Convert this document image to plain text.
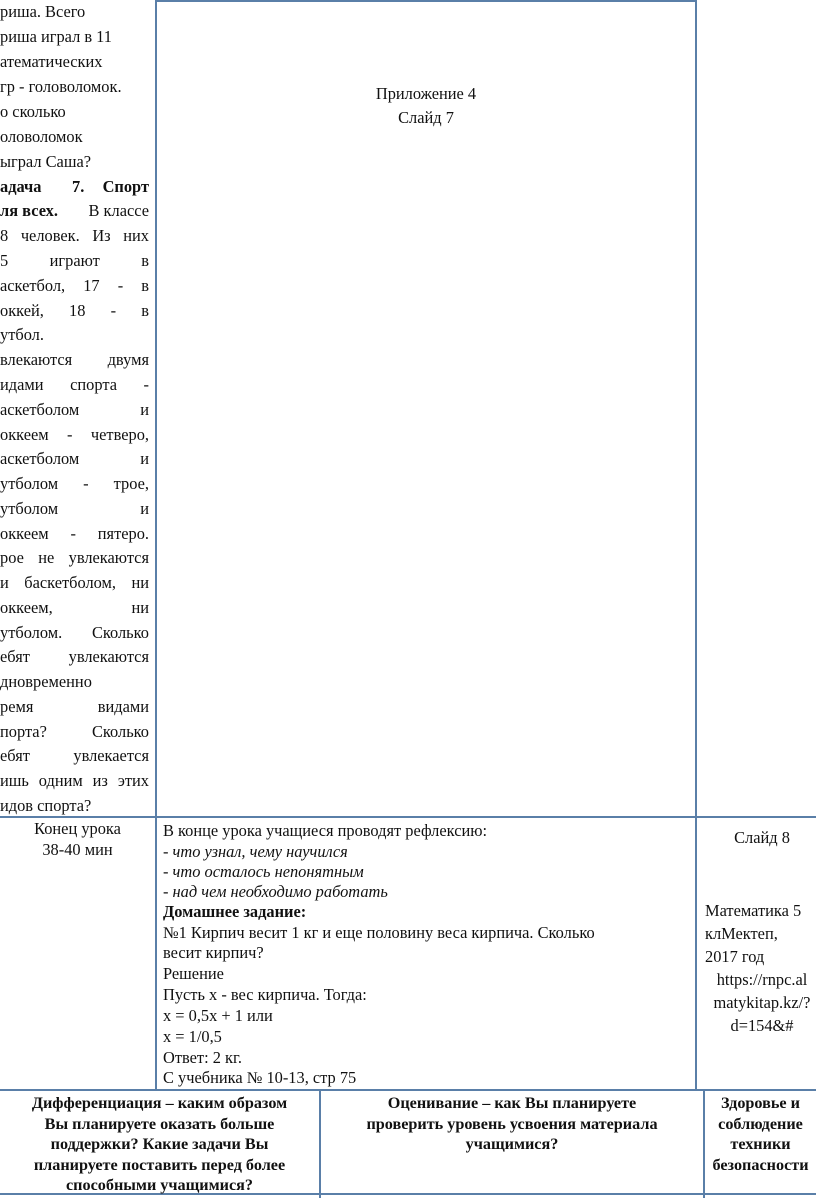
риша. Всего
риша играл в 11
атематических
гр - головоломок.
о сколько
оловоломок
ыграл Саша?
адача 7. Спорт
ля всех. В классе
8 человек. Из них
5 играют в
аскетбол, 17 - в
оккей, 18 - в
утбол.
влекаются двумя
идами спорта -
аскетболом и
оккеем - четверо,
аскетболом и
утболом - трое,
утболом и
оккеем - пятеро.
рое не увлекаются
и баскетболом, ни
оккеем, ни
утболом. Сколько
ебят увлекаются
дновременно
ремя видами
порта? Сколько
ебят увлекается
ишь одним из этих
идов спорта?
Приложение 4
Слайд 7
Конец урока
38-40 мин
В конце урока учащиеся проводят рефлексию:
- что узнал, чему научился
- что осталось непонятным
- над чем необходимо работать
Домашнее задание:
№1 Кирпич весит 1 кг и еще половину веса кирпича. Сколько
весит кирпич?
Решение
Пусть х - вес кирпича. Тогда:
х = 0,5х + 1 или
х = 1/0,5
Ответ: 2 кг.
С учебника № 10-13, стр 75
Слайд 8
Математика 5
клМектеп,
2017 год
https://rnpc.al
matykitap.kz/?
d=154&#
Дифференциация – каким образом
Вы планируете оказать больше
поддержки? Какие задачи Вы
планируете поставить перед более
способными учащимися?
Оценивание – как Вы планируете
проверить уровень усвоения материала
учащимися?
Здоровье и
соблюдение
техники
безопасности
